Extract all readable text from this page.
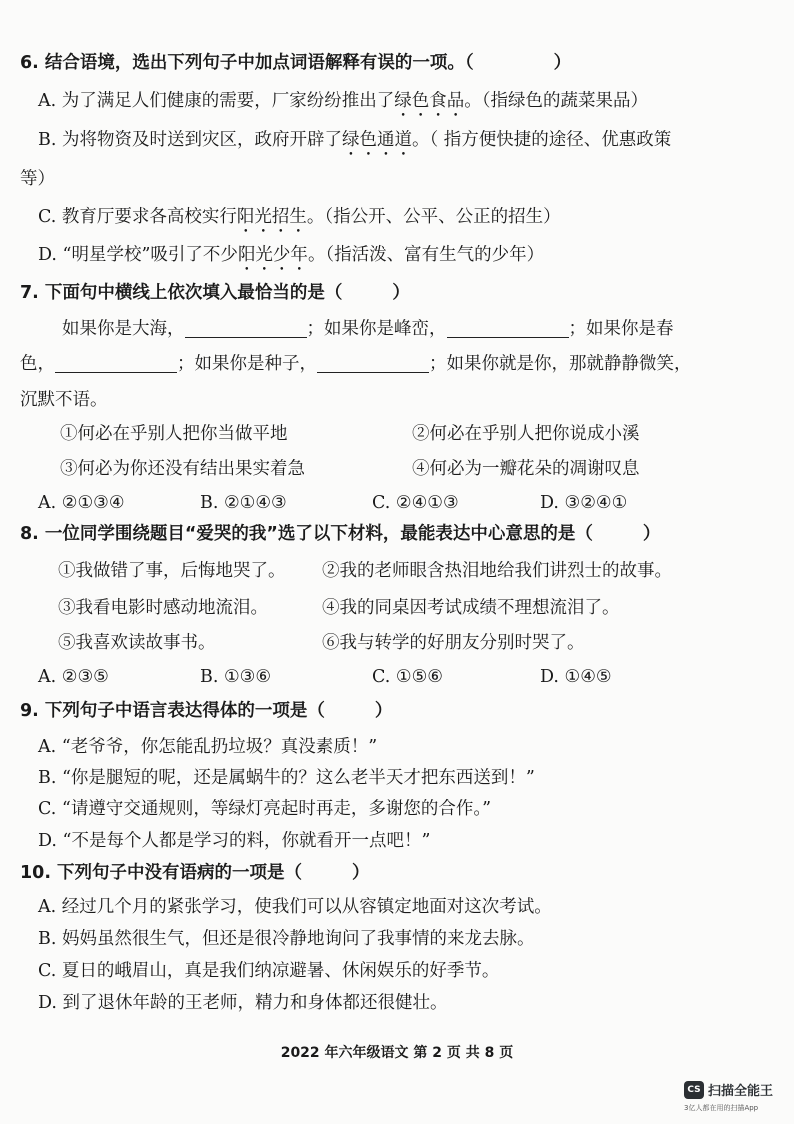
6. 结合语境，选出下列句子中加点词语解释有误的一项。（	）
A. 为了满足人们健康的需要，厂家纷纷推出了绿色食品。（指绿色的蔬菜果品）
B. 为将物资及时送到灾区，政府开辟了绿色通道。（ 指方便快捷的途径、优惠政策
等）
C. 教育厅要求各高校实行阳光招生。（指公开、公平、公正的招生）
D. “明星学校”吸引了不少阳光少年。（指活泼、富有生气的少年）
7. 下面句中横线上依次填入最恰当的是（	）
如果你是大海，	；如果你是峰峦，	；如果你是春
色，	；如果你是种子，	；如果你就是你，那就静静微笑，
沉默不语。
①何必在乎别人把你当做平地	②何必在乎别人把你说成小溪
③何必为你还没有结出果实着急	④何必为一瓣花朵的凋谢叹息
A. ②①③④	B. ②①④③	C. ②④①③	D. ③②④①
8. 一位同学围绕题目“爱哭的我”选了以下材料，最能表达中心意思的是（	）
①我做错了事，后悔地哭了。 ②我的老师眼含热泪地给我们讲烈士的故事。
③我看电影时感动地流泪。	④我的同桌因考试成绩不理想流泪了。
⑤我喜欢读故事书。	⑥我与转学的好朋友分别时哭了。
A. ②③⑤	B. ①③⑥	C. ①⑤⑥	D. ①④⑤
9. 下列句子中语言表达得体的一项是（	）
A. “老爷爷，你怎能乱扔垃圾？真没素质！”
B. “你是腿短的呢，还是属蜗牛的？这么老半天才把东西送到！”
C. “请遵守交通规则，等绿灯亮起时再走，多谢您的合作。”
D. “不是每个人都是学习的料，你就看开一点吧！”
10. 下列句子中没有语病的一项是（	）
A. 经过几个月的紧张学习，使我们可以从容镇定地面对这次考试。
B. 妈妈虽然很生气，但还是很冷静地询问了我事情的来龙去脉。
C. 夏日的峨眉山，真是我们纳凉避暑、休闲娱乐的好季节。
D. 到了退休年龄的王老师，精力和身体都还很健壮。
2022 年六年级语文 第 2 页 共 8 页
CS 扫描全能王
3亿人都在用的扫描App
